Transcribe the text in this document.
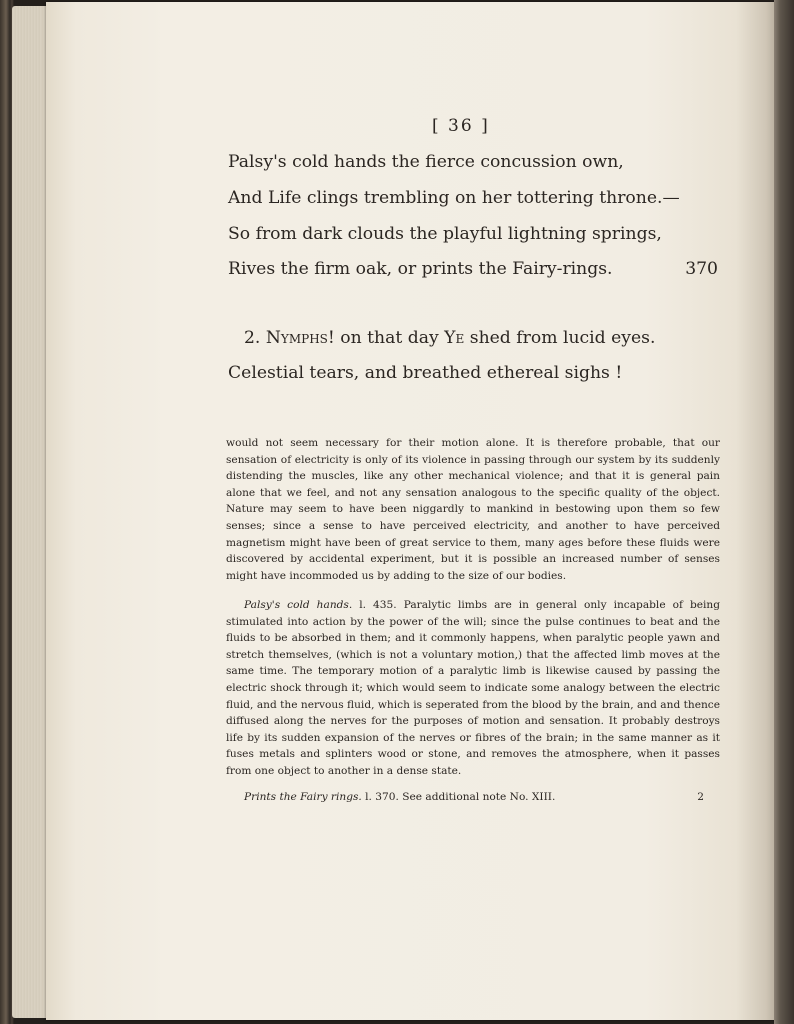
[ 36 ]
Palsy's cold hands the fierce concussion own,
And Life clings trembling on her tottering throne.—
So from dark clouds the playful lightning springs,
Rives the firm oak, or prints the Fairy-rings.	370
2. Nymphs! on that day Ye shed from lucid eyes.
Celestial tears, and breathed ethereal sighs !
would not seem necessary for their motion alone. It is therefore probable, that our sensation of electricity is only of its violence in passing through our system by its suddenly distending the muscles, like any other mechanical violence; and that it is general pain alone that we feel, and not any sensation analogous to the specific quality of the object. Nature may seem to have been niggardly to mankind in bestowing upon them so few senses; since a sense to have perceived electricity, and another to have perceived magnetism might have been of great service to them, many ages before these fluids were discovered by accidental experiment, but it is possible an increased number of senses might have incommoded us by adding to the size of our bodies.
Palsy's cold hands. l. 435. Paralytic limbs are in general only incapable of being stimulated into action by the power of the will; since the pulse continues to beat and the fluids to be absorbed in them; and it commonly happens, when paralytic people yawn and stretch themselves, (which is not a voluntary motion,) that the affected limb moves at the same time. The temporary motion of a paralytic limb is likewise caused by passing the electric shock through it; which would seem to indicate some analogy between the electric fluid, and the nervous fluid, which is seperated from the blood by the brain, and and thence diffused along the nerves for the purposes of motion and sensation. It probably destroys life by its sudden expansion of the nerves or fibres of the brain; in the same manner as it fuses metals and splinters wood or stone, and removes the atmosphere, when it passes from one object to another in a dense state.
Prints the Fairy rings. l. 370. See additional note No. XIII.	2
